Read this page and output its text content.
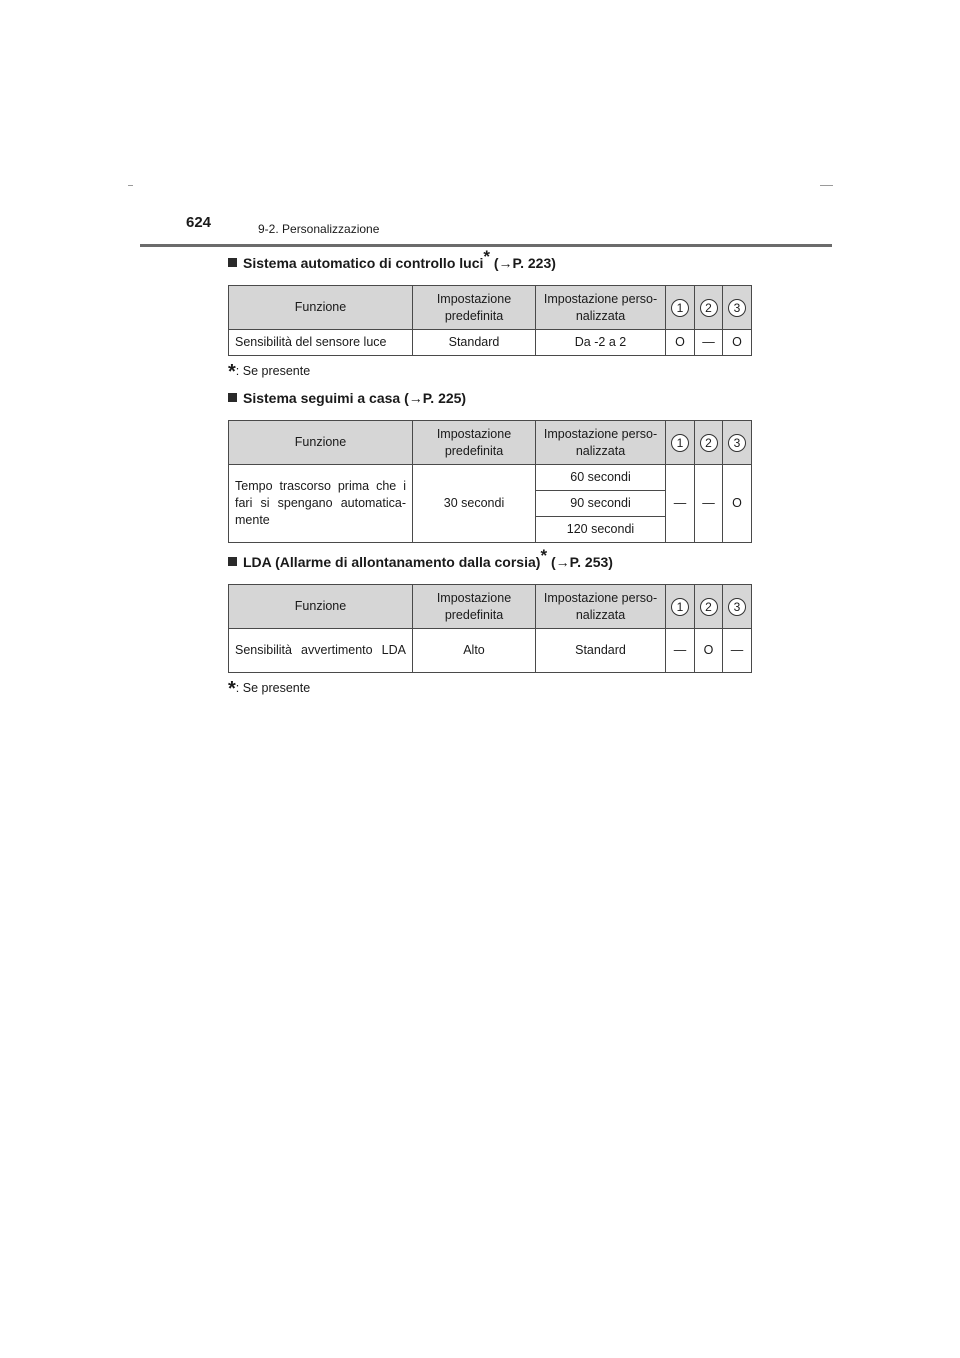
624	9-2. Personalizzazione
Sistema automatico di controllo luci* (→P. 223)
Funzione	Impostazione predefinita	Impostazione perso-nalizzata	1	2	3
Sensibilità del sensore luce	Standard	Da -2 a 2	O	—	O
*: Se presente
Sistema seguimi a casa (→P. 225)
Funzione	Impostazione predefinita	Impostazione perso-nalizzata	1	2	3
Tempo trascorso prima che i fari si spengano automatica-mente	30 secondi	60 secondi	—	—	O
		90 secondi			
		120 secondi			
LDA (Allarme di allontanamento dalla corsia)* (→P. 253)
Funzione	Impostazione predefinita	Impostazione perso-nalizzata	1	2	3
Sensibilità avvertimento LDA	Alto	Standard	—	O	—
*: Se presente
